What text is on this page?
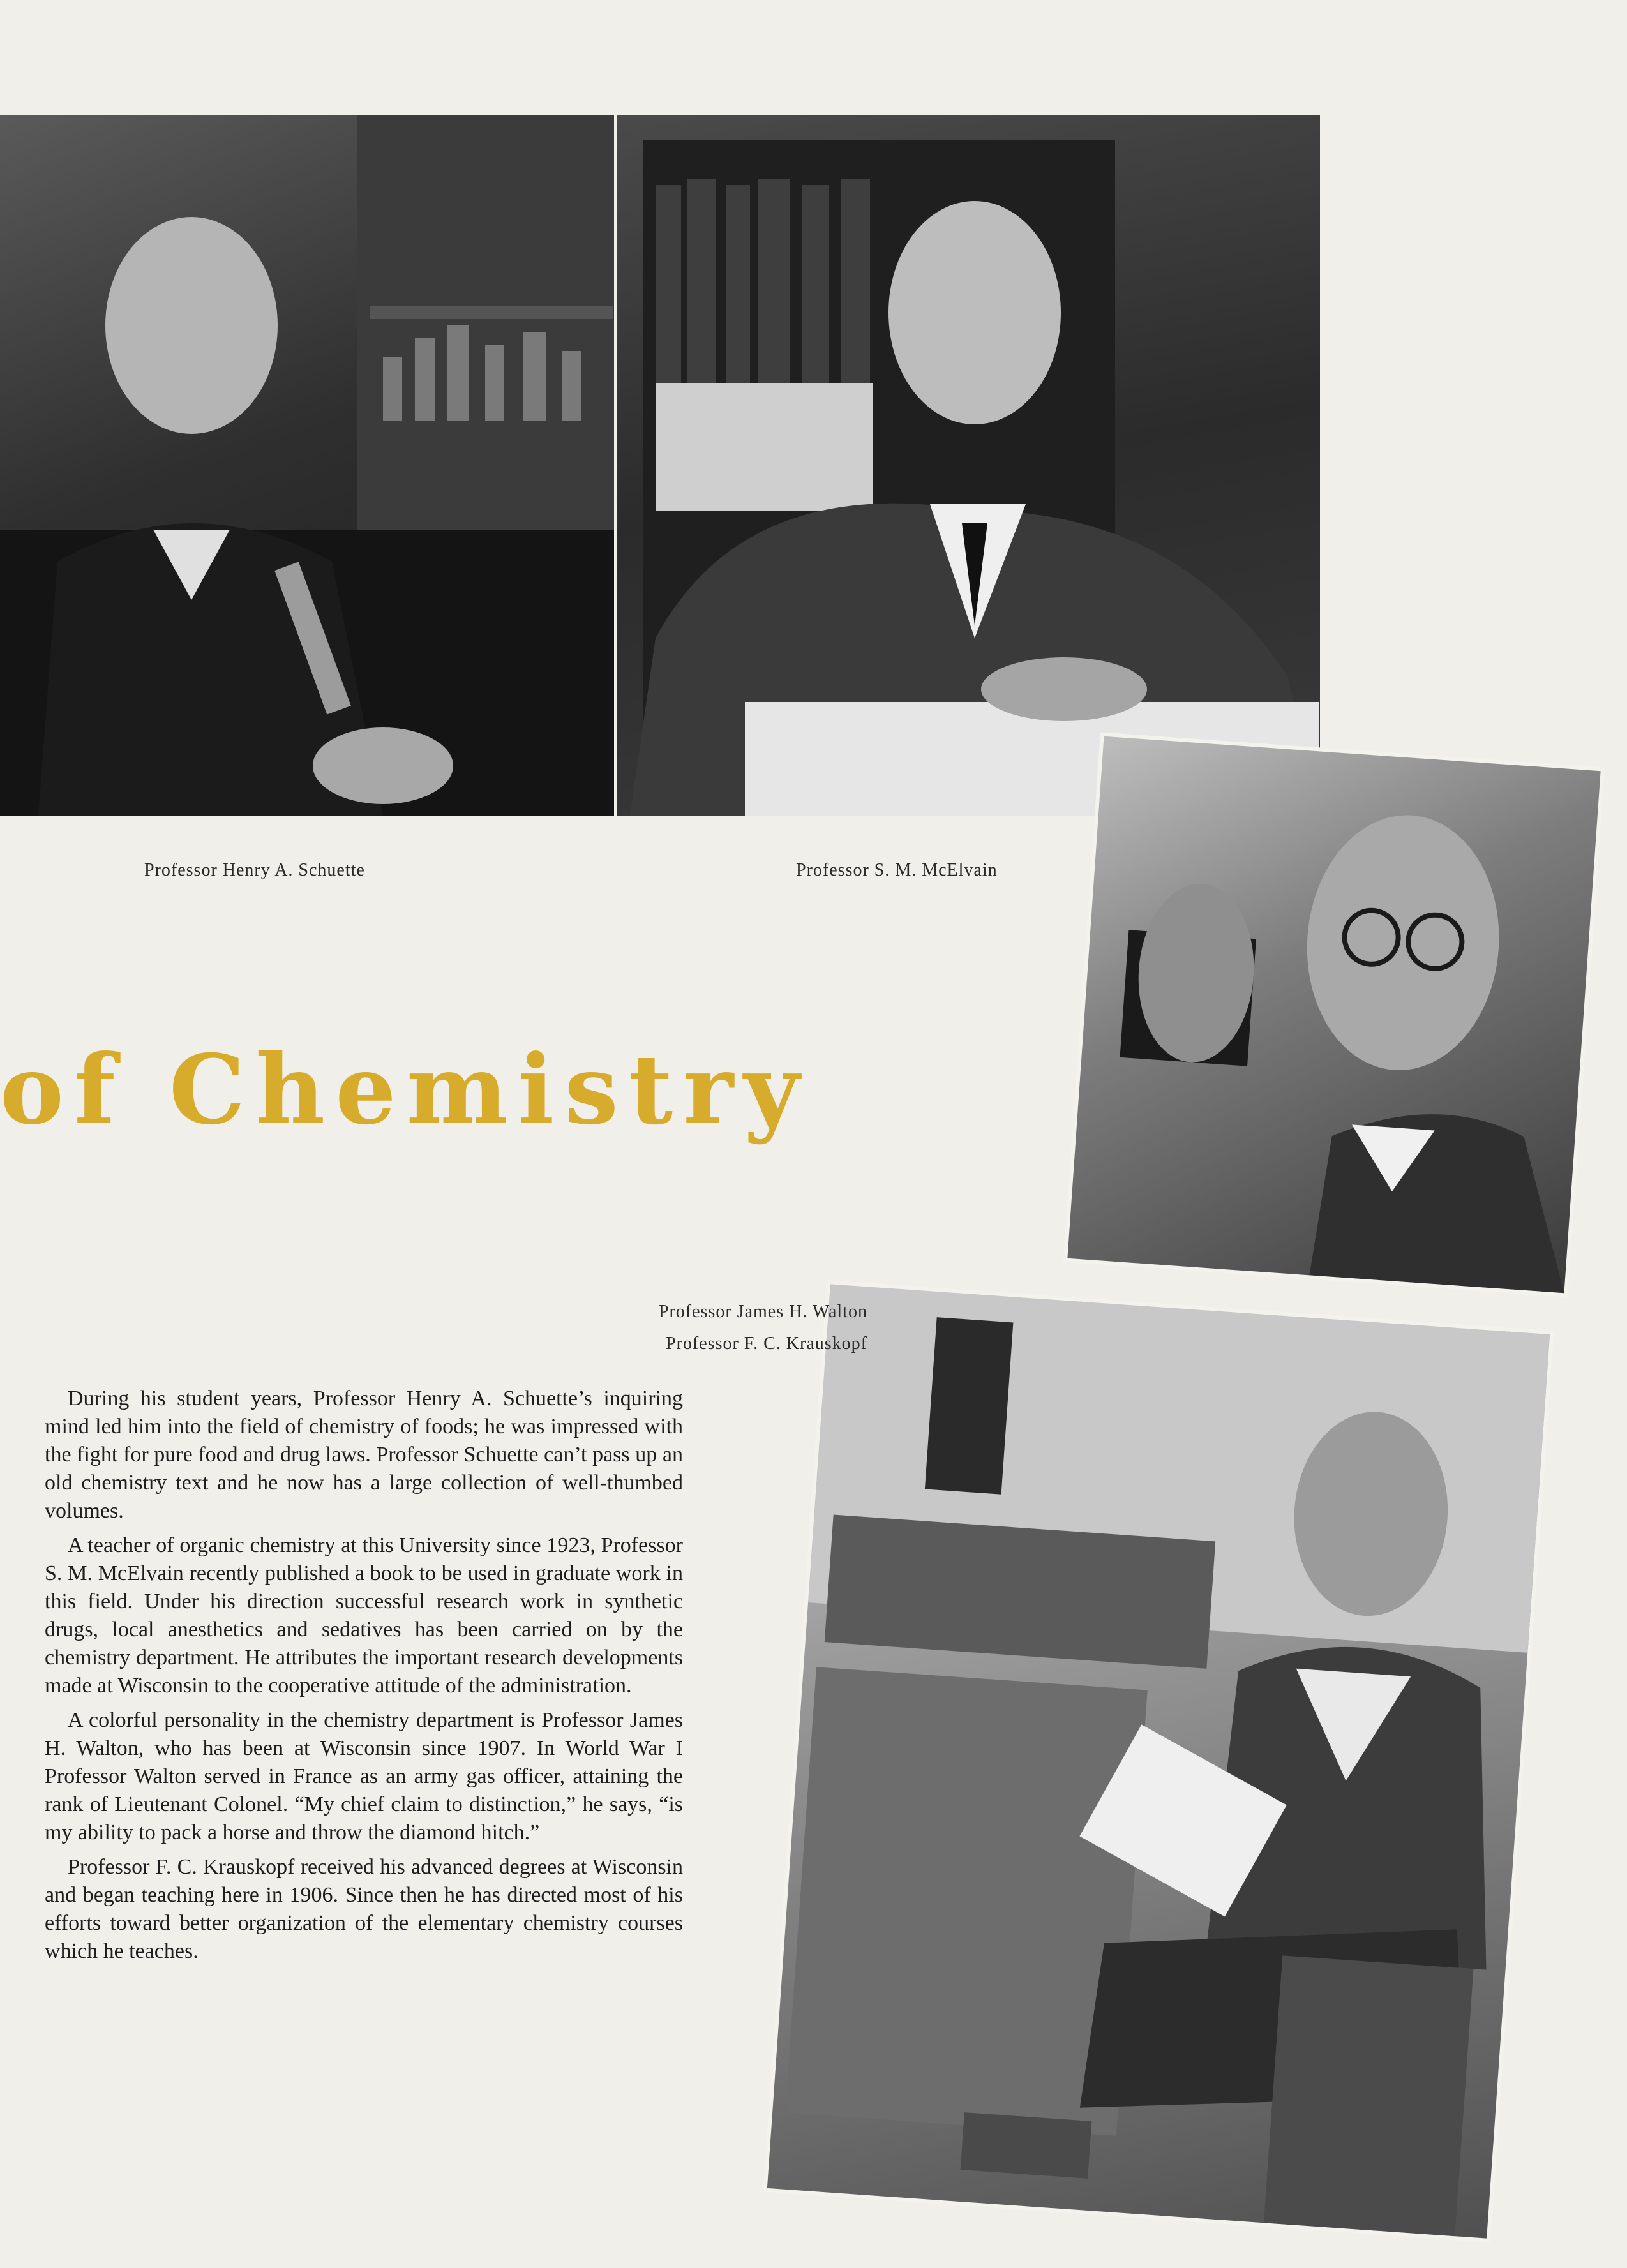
Professor Henry A. Schuette	Professor S. M. McElvain
Professor James H. Walton
Professor F. C. Krauskopf
of Chemistry

During his student years, Professor Henry A. Schuette’s inquiring mind led him into the field of chemistry of foods; he was impressed with the fight for pure food and drug laws. Professor Schuette can’t pass up an old chemistry text and he now has a large collection of well-thumbed volumes.

A teacher of organic chemistry at this University since 1923, Professor S. M. McElvain recently published a book to be used in graduate work in this field. Under his direction successful research work in synthetic drugs, local anesthetics and sedatives has been carried on by the chemistry department. He attributes the important research developments made at Wisconsin to the cooperative attitude of the administration.

A colorful personality in the chemistry department is Professor James H. Walton, who has been at Wisconsin since 1907. In World War I Professor Walton served in France as an army gas officer, attaining the rank of Lieutenant Colonel. “My chief claim to distinction,” he says, “is my ability to pack a horse and throw the diamond hitch.”

Professor F. C. Krauskopf received his advanced degrees at Wisconsin and began teaching here in 1906. Since then he has directed most of his efforts toward better organization of the elementary chemistry courses which he teaches.
